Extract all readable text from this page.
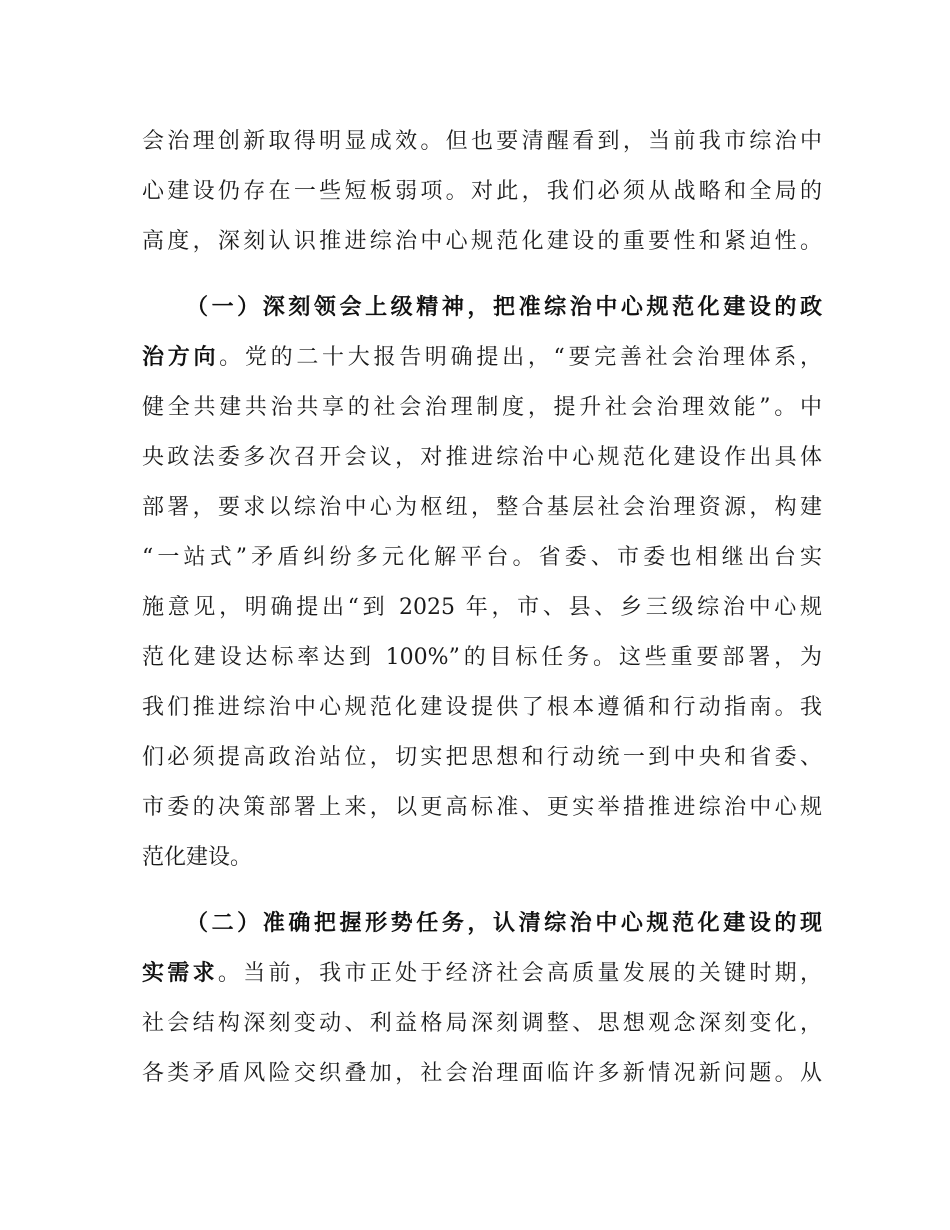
会治理创新取得明显成效。但也要清醒看到，当前我市综治中
心建设仍存在一些短板弱项。对此，我们必须从战略和全局的
高度，深刻认识推进综治中心规范化建设的重要性和紧迫性。
（一）深刻领会上级精神，把准综治中心规范化建设的政
治方向。党的二十大报告明确提出，“要完善社会治理体系，
健全共建共治共享的社会治理制度，提升社会治理效能”。中
央政法委多次召开会议，对推进综治中心规范化建设作出具体
部署，要求以综治中心为枢纽，整合基层社会治理资源，构建
“一站式”矛盾纠纷多元化解平台。省委、市委也相继出台实
施意见，明确提出“到 2025 年，市、县、乡三级综治中心规
范化建设达标率达到 100%”的目标任务。这些重要部署，为
我们推进综治中心规范化建设提供了根本遵循和行动指南。我
们必须提高政治站位，切实把思想和行动统一到中央和省委、
市委的决策部署上来，以更高标准、更实举措推进综治中心规
范化建设。
（二）准确把握形势任务，认清综治中心规范化建设的现
实需求。当前，我市正处于经济社会高质量发展的关键时期，
社会结构深刻变动、利益格局深刻调整、思想观念深刻变化，
各类矛盾风险交织叠加，社会治理面临许多新情况新问题。从
